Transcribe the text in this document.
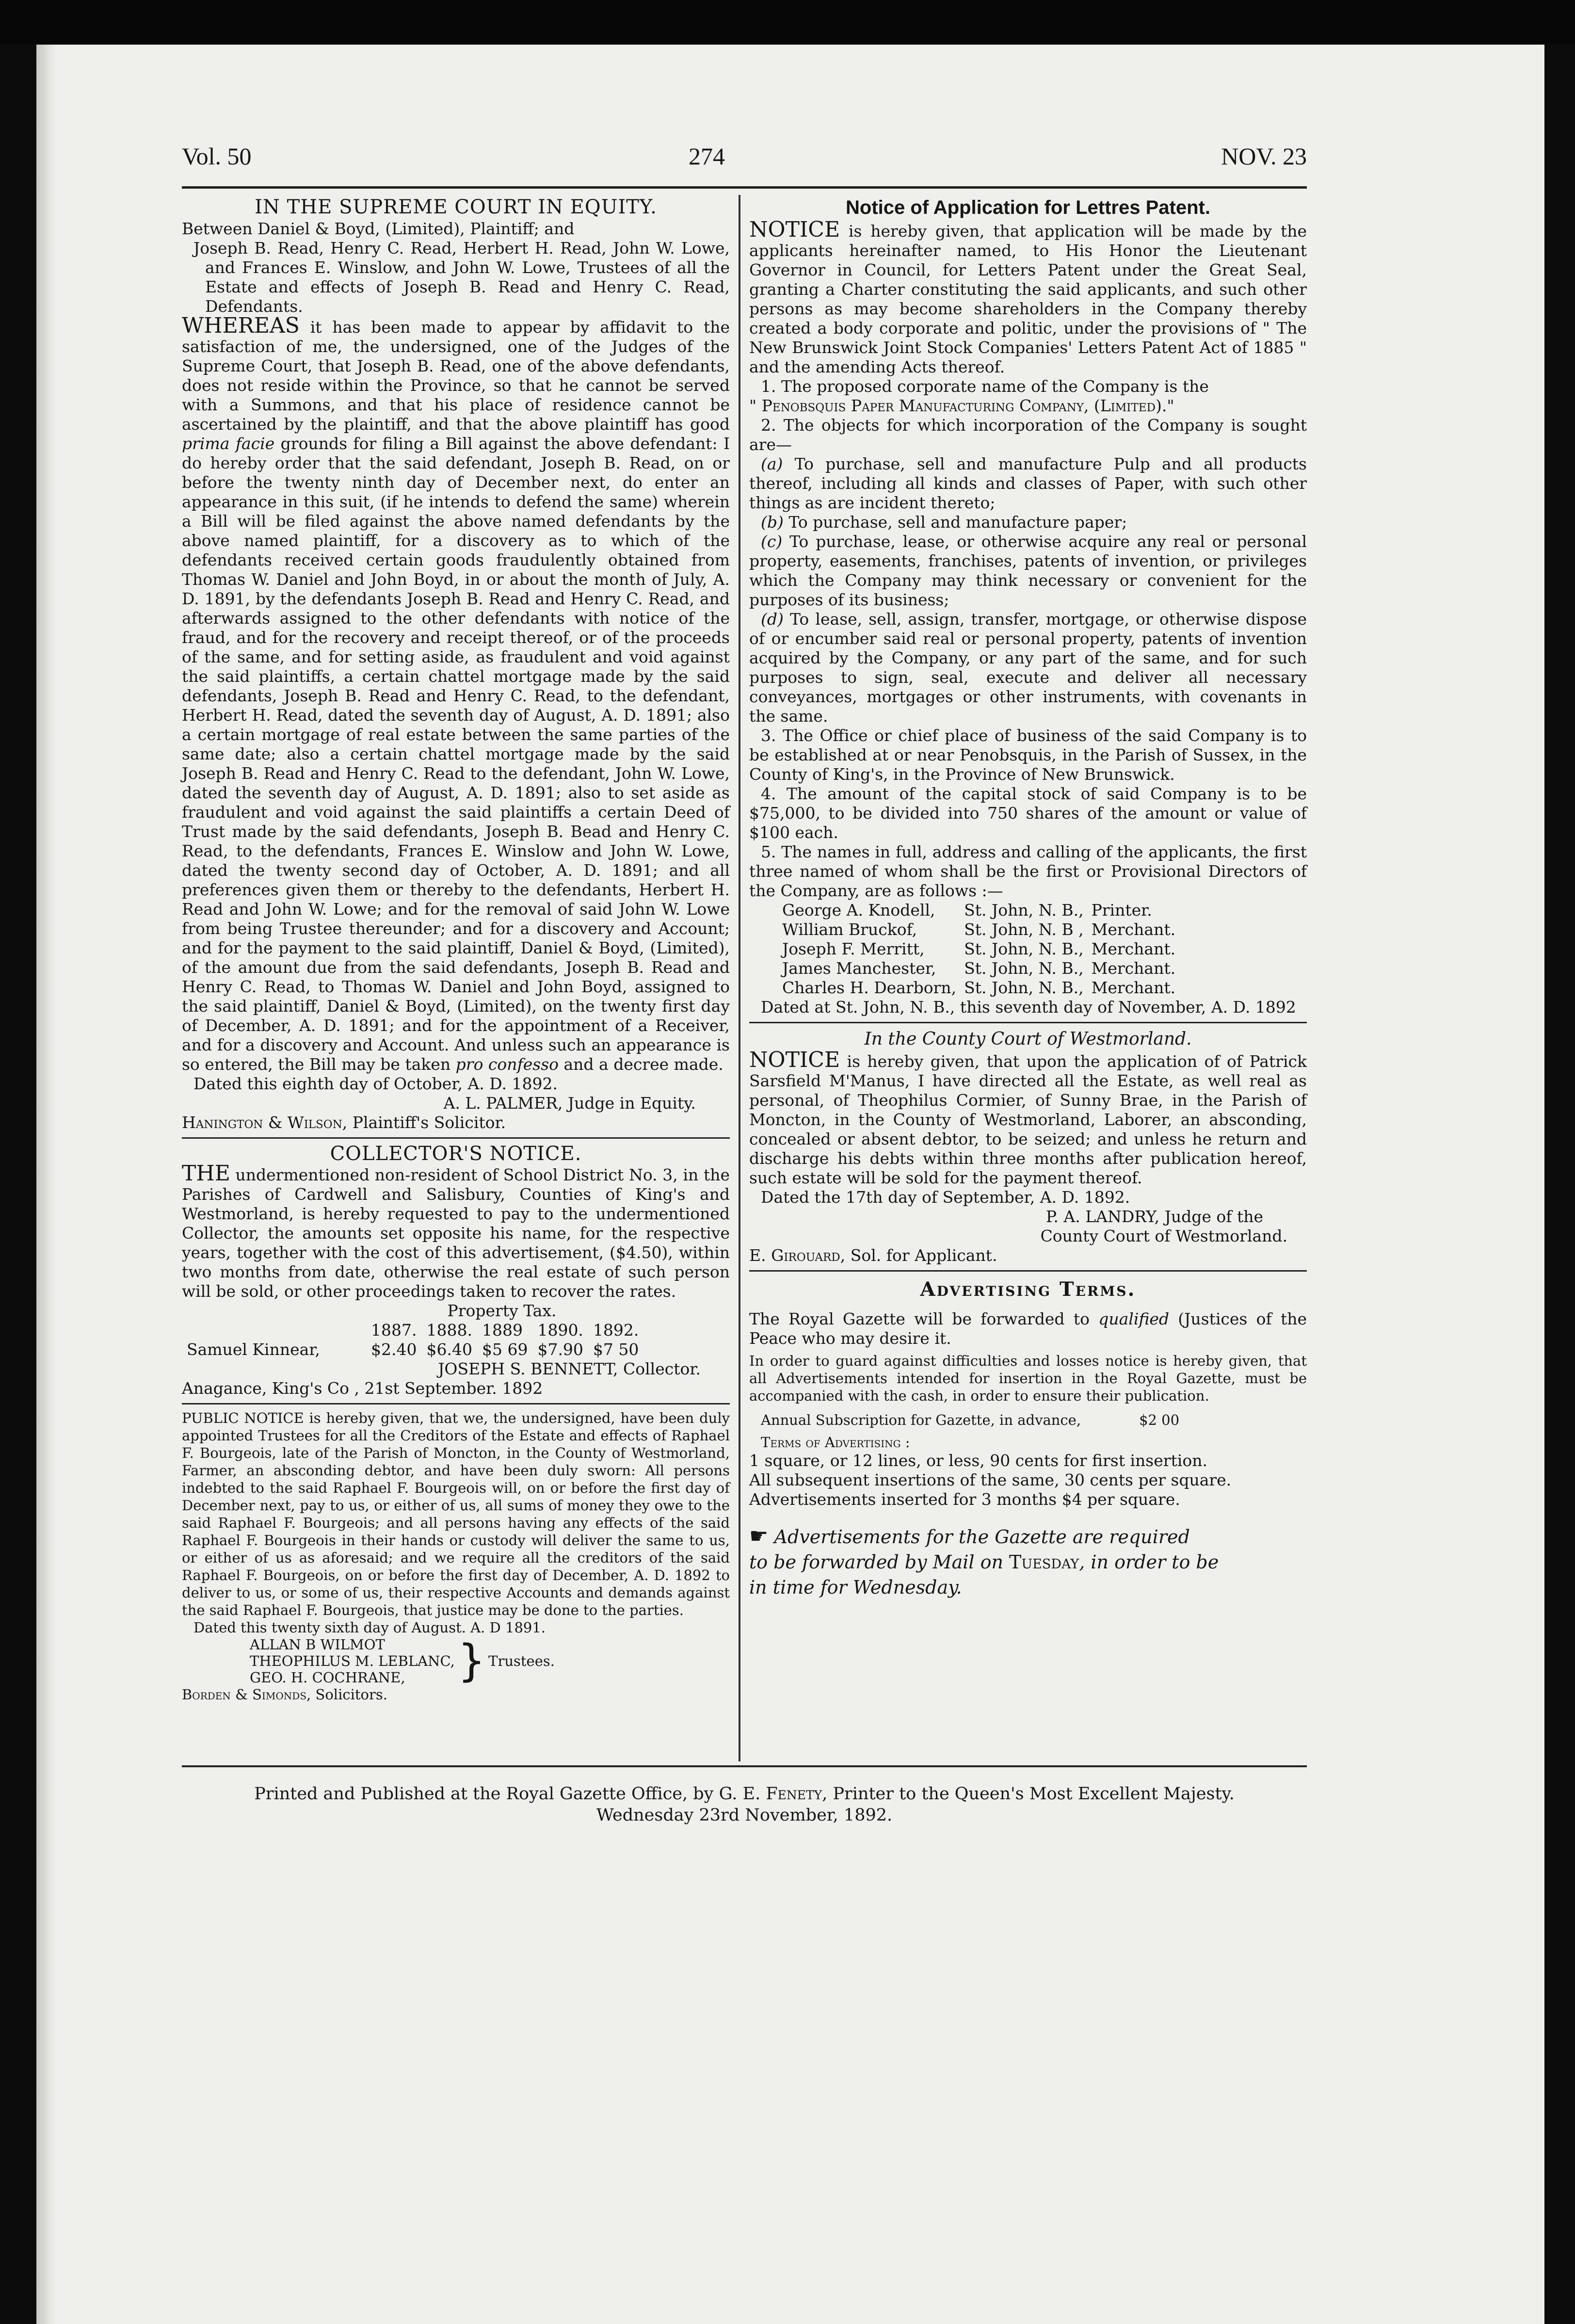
Vol. 50	274	NOV. 23
IN THE SUPREME COURT IN EQUITY.

Between Daniel & Boyd, (Limited), Plaintiff; and

Joseph B. Read, Henry C. Read, Herbert H. Read, John W. Lowe, and Frances E. Winslow, and John W. Lowe, Trustees of all the Estate and effects of Joseph B. Read and Henry C. Read, Defendants.

WHEREAS it has been made to appear by affidavit to the satisfaction of me, the undersigned, one of the Judges of the Supreme Court, that Joseph B. Read, one of the above defendants, does not reside within the Province, so that he cannot be served with a Summons, and that his place of residence cannot be ascertained by the plaintiff, and that the above plaintiff has good prima facie grounds for filing a Bill against the above defendant: I do hereby order that the said defendant, Joseph B. Read, on or before the twenty ninth day of December next, do enter an appearance in this suit, (if he intends to defend the same) wherein a Bill will be filed against the above named defendants by the above named plaintiff, for a discovery as to which of the defendants received certain goods fraudulently obtained from Thomas W. Daniel and John Boyd, in or about the month of July, A. D. 1891, by the defendants Joseph B. Read and Henry C. Read, and afterwards assigned to the other defendants with notice of the fraud, and for the recovery and receipt thereof, or of the proceeds of the same, and for setting aside, as fraudulent and void against the said plaintiffs, a certain chattel mortgage made by the said defendants, Joseph B. Read and Henry C. Read, to the defendant, Herbert H. Read, dated the seventh day of August, A. D. 1891; also a certain mortgage of real estate between the same parties of the same date; also a certain chattel mortgage made by the said Joseph B. Read and Henry C. Read to the defendant, John W. Lowe, dated the seventh day of August, A. D. 1891; also to set aside as fraudulent and void against the said plaintiffs a certain Deed of Trust made by the said defendants, Joseph B. Bead and Henry C. Read, to the defendants, Frances E. Winslow and John W. Lowe, dated the twenty second day of October, A. D. 1891; and all preferences given them or thereby to the defendants, Herbert H. Read and John W. Lowe; and for the removal of said John W. Lowe from being Trustee thereunder; and for a discovery and Account; and for the payment to the said plaintiff, Daniel & Boyd, (Limited), of the amount due from the said defendants, Joseph B. Read and Henry C. Read, to Thomas W. Daniel and John Boyd, assigned to the said plaintiff, Daniel & Boyd, (Limited), on the twenty first day of December, A. D. 1891; and for the appointment of a Receiver, and for a discovery and Account. And unless such an appearance is so entered, the Bill may be taken pro confesso and a decree made.

Dated this eighth day of October, A. D. 1892.

A. L. PALMER, Judge in Equity.

Hanington & Wilson, Plaintiff's Solicitor.

COLLECTOR'S NOTICE.

THE undermentioned non-resident of School District No. 3, in the Parishes of Cardwell and Salisbury, Counties of King's and Westmorland, is hereby requested to pay to the undermentioned Collector, the amounts set opposite his name, for the respective years, together with the cost of this advertisement, ($4.50), within two months from date, otherwise the real estate of such person will be sold, or other proceedings taken to recover the rates.

Property Tax.

	1887.	1888.	1889	1890.	1892.
Samuel Kinnear,	$2.40	$6.40	$5 69	$7.90	$7 50

JOSEPH S. BENNETT, Collector.

Anagance, King's Co , 21st September. 1892

PUBLIC NOTICE is hereby given, that we, the undersigned, have been duly appointed Trustees for all the Creditors of the Estate and effects of Raphael F. Bourgeois, late of the Parish of Moncton, in the County of Westmorland, Farmer, an absconding debtor, and have been duly sworn: All persons indebted to the said Raphael F. Bourgeois will, on or before the first day of December next, pay to us, or either of us, all sums of money they owe to the said Raphael F. Bourgeois; and all persons having any effects of the said Raphael F. Bourgeois in their hands or custody will deliver the same to us, or either of us as aforesaid; and we require all the creditors of the said Raphael F. Bourgeois, on or before the first day of December, A. D. 1892 to deliver to us, or some of us, their respective Accounts and demands against the said Raphael F. Bourgeois, that justice may be done to the parties.

Dated this twenty sixth day of August. A. D 1891.

ALLAN B WILMOT
THEOPHILUS M. LEBLANC,
GEO. H. COCHRANE,	} Trustees.

Borden & Simonds, Solicitors.

Notice of Application for Lettres Patent.

NOTICE is hereby given, that application will be made by the applicants hereinafter named, to His Honor the Lieutenant Governor in Council, for Letters Patent under the Great Seal, granting a Charter constituting the said applicants, and such other persons as may become shareholders in the Company thereby created a body corporate and politic, under the provisions of " The New Brunswick Joint Stock Companies' Letters Patent Act of 1885 " and the amending Acts thereof.

1. The proposed corporate name of the Company is the

" Penobsquis Paper Manufacturing Company, (Limited)."

2. The objects for which incorporation of the Company is sought are—

(a) To purchase, sell and manufacture Pulp and all products thereof, including all kinds and classes of Paper, with such other things as are incident thereto;

(b) To purchase, sell and manufacture paper;

(c) To purchase, lease, or otherwise acquire any real or personal property, easements, franchises, patents of invention, or privileges which the Company may think necessary or convenient for the purposes of its business;

(d) To lease, sell, assign, transfer, mortgage, or otherwise dispose of or encumber said real or personal property, patents of invention acquired by the Company, or any part of the same, and for such purposes to sign, seal, execute and deliver all necessary conveyances, mortgages or other instruments, with covenants in the same.

3. The Office or chief place of business of the said Company is to be established at or near Penobsquis, in the Parish of Sussex, in the County of King's, in the Province of New Brunswick.

4. The amount of the capital stock of said Company is to be $75,000, to be divided into 750 shares of the amount or value of $100 each.

5. The names in full, address and calling of the applicants, the first three named of whom shall be the first or Provisional Directors of the Company, are as follows :—

George A. Knodell,	St. John, N. B.,	Printer.
William Bruckof,	St. John, N. B ,	Merchant.
Joseph F. Merritt,	St. John, N. B.,	Merchant.
James Manchester,	St. John, N. B.,	Merchant.
Charles H. Dearborn,	St. John, N. B.,	Merchant.

Dated at St. John, N. B., this seventh day of November, A. D. 1892

In the County Court of Westmorland.

NOTICE is hereby given, that upon the application of of Patrick Sarsfield M'Manus, I have directed all the Estate, as well real as personal, of Theophilus Cormier, of Sunny Brae, in the Parish of Moncton, in the County of Westmorland, Laborer, an absconding, concealed or absent debtor, to be seized; and unless he return and discharge his debts within three months after publication hereof, such estate will be sold for the payment thereof.

Dated the 17th day of September, A. D. 1892.

P. A. LANDRY, Judge of the

County Court of Westmorland.

E. Girouard, Sol. for Applicant.

Advertising Terms.

The Royal Gazette will be forwarded to qualified (Justices of the Peace who may desire it.

In order to guard against difficulties and losses notice is hereby given, that all Advertisements intended for insertion in the Royal Gazette, must be accompanied with the cash, in order to ensure their publication.

Annual Subscription for Gazette, in advance,	$2 00

Terms of Advertising :

1 square, or 12 lines, or less, 90 cents for first insertion.

All subsequent insertions of the same, 30 cents per square.

Advertisements inserted for 3 months $4 per square.

☛ Advertisements for the Gazette are required
to be forwarded by Mail on Tuesday, in order to be
in time for Wednesday.
Printed and Published at the Royal Gazette Office, by G. E. Fenety, Printer to the Queen's Most Excellent Majesty.
Wednesday 23rd November, 1892.
